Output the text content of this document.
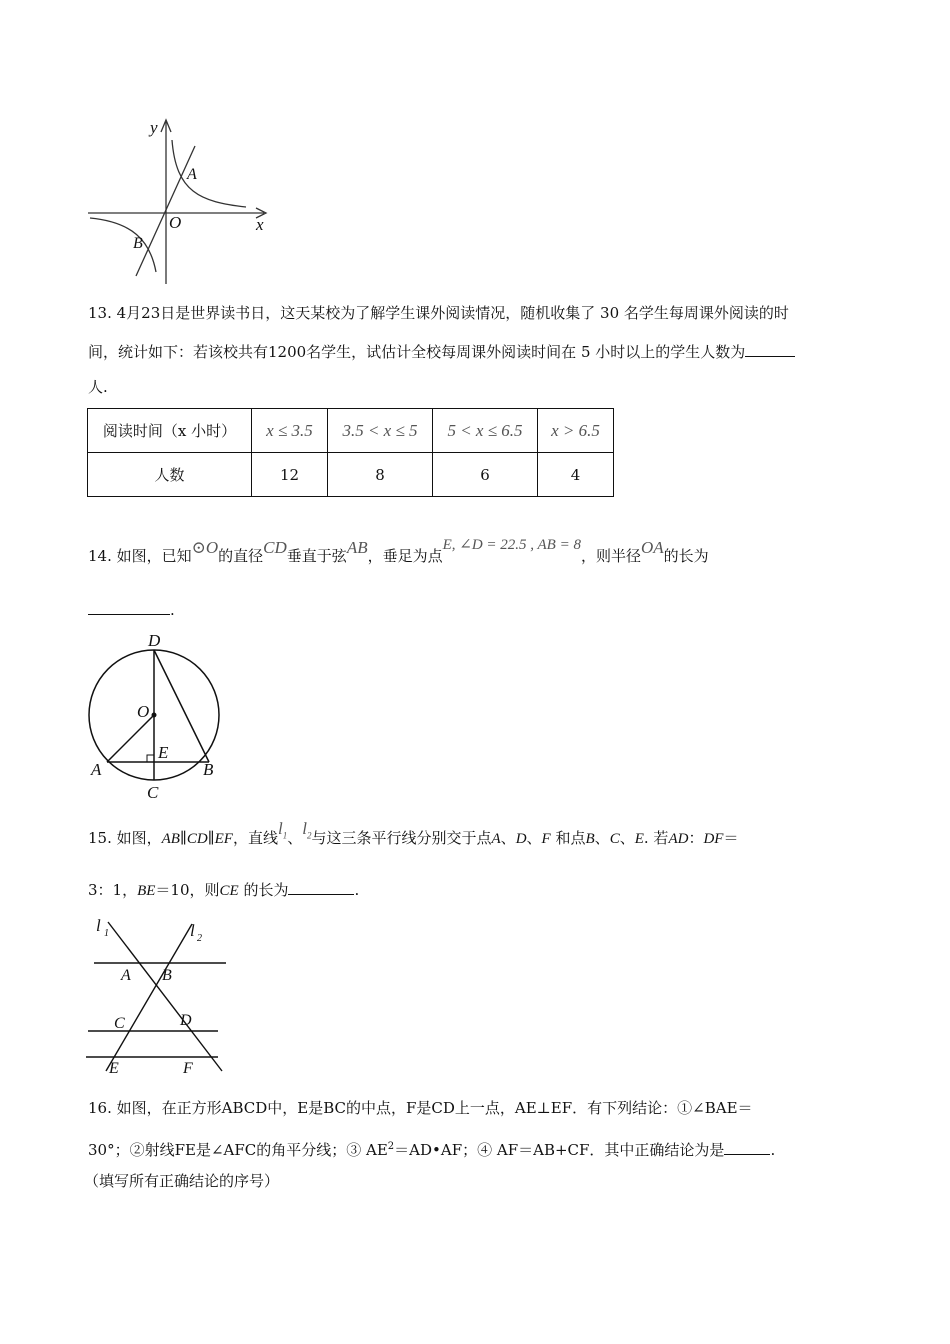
y
x
O
A
B
13. 4月23日是世界读书日，这天某校为了解学生课外阅读情况，随机收集了 30 名学生每周课外阅读的时
间，统计如下：若该校共有1200名学生，试估计全校每周课外阅读时间在 5 小时以上的学生人数为
人.
阅读时间（x 小时）	x ≤ 3.5	3.5 < x ≤ 5	5 < x ≤ 6.5	x > 6.5
人数	12	8	6	4
14. 如图，已知⊙O的直径CD垂直于弦AB，垂足为点E, ∠D = 22.5 , AB = 8，则半径OA的长为
.
D
O
E
A	B
C
15. 如图，AB∥CD∥EF，直线$l_1$、$l_2$与这三条平行线分别交于点A、D、F 和点B、C、E. 若AD：DF＝
3：1，BE＝10，则CE 的长为	.
l 1	l 2
A B
C	D
E	F
16. 如图，在正方形ABCD中，E是BC的中点，F是CD上一点，AE⊥EF．有下列结论：①∠BAE＝
30°；②射线FE是∠AFC的角平分线；③ $AE^2=AD•AF$；④ AF＝AB+CF．其中正确结论为是	.
（填写所有正确结论的序号）
